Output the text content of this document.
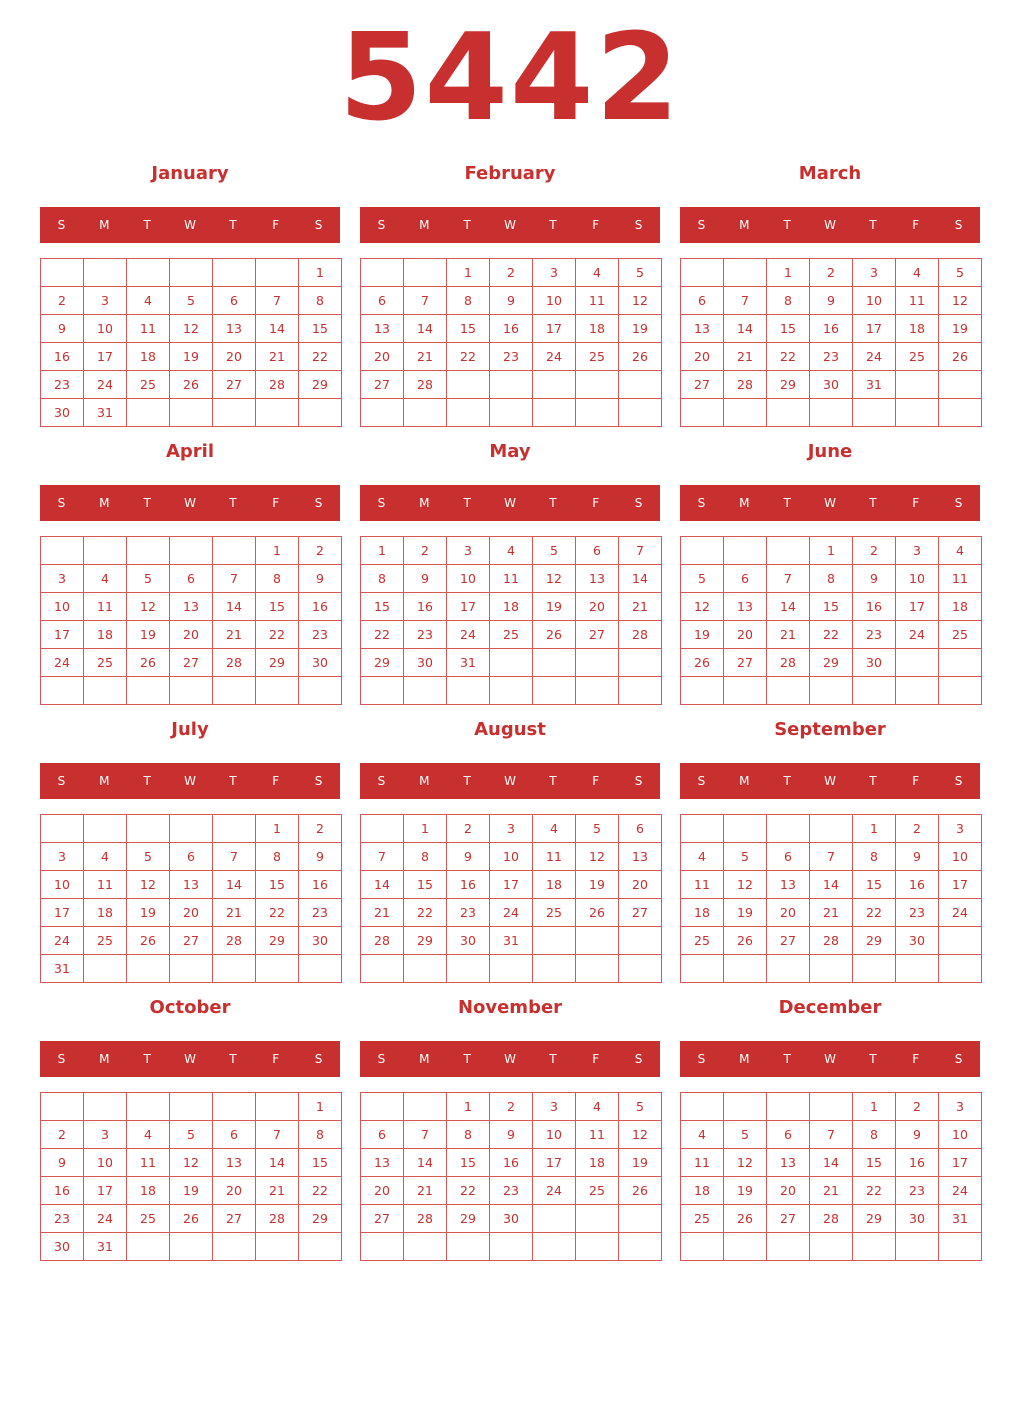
5442
January
S	M	T	W	T	F	S
						1
2	3	4	5	6	7	8
9	10	11	12	13	14	15
16	17	18	19	20	21	22
23	24	25	26	27	28	29
30	31					
February
S	M	T	W	T	F	S
		1	2	3	4	5
6	7	8	9	10	11	12
13	14	15	16	17	18	19
20	21	22	23	24	25	26
27	28					

March
S	M	T	W	T	F	S
		1	2	3	4	5
6	7	8	9	10	11	12
13	14	15	16	17	18	19
20	21	22	23	24	25	26
27	28	29	30	31		

April
S	M	T	W	T	F	S
					1	2
3	4	5	6	7	8	9
10	11	12	13	14	15	16
17	18	19	20	21	22	23
24	25	26	27	28	29	30

May
S	M	T	W	T	F	S
1	2	3	4	5	6	7
8	9	10	11	12	13	14
15	16	17	18	19	20	21
22	23	24	25	26	27	28
29	30	31				

June
S	M	T	W	T	F	S
			1	2	3	4
5	6	7	8	9	10	11
12	13	14	15	16	17	18
19	20	21	22	23	24	25
26	27	28	29	30		

July
S	M	T	W	T	F	S
					1	2
3	4	5	6	7	8	9
10	11	12	13	14	15	16
17	18	19	20	21	22	23
24	25	26	27	28	29	30
31						
August
S	M	T	W	T	F	S
	1	2	3	4	5	6
7	8	9	10	11	12	13
14	15	16	17	18	19	20
21	22	23	24	25	26	27
28	29	30	31			

September
S	M	T	W	T	F	S
				1	2	3
4	5	6	7	8	9	10
11	12	13	14	15	16	17
18	19	20	21	22	23	24
25	26	27	28	29	30	

October
S	M	T	W	T	F	S
						1
2	3	4	5	6	7	8
9	10	11	12	13	14	15
16	17	18	19	20	21	22
23	24	25	26	27	28	29
30	31					
November
S	M	T	W	T	F	S
		1	2	3	4	5
6	7	8	9	10	11	12
13	14	15	16	17	18	19
20	21	22	23	24	25	26
27	28	29	30			

December
S	M	T	W	T	F	S
				1	2	3
4	5	6	7	8	9	10
11	12	13	14	15	16	17
18	19	20	21	22	23	24
25	26	27	28	29	30	31
